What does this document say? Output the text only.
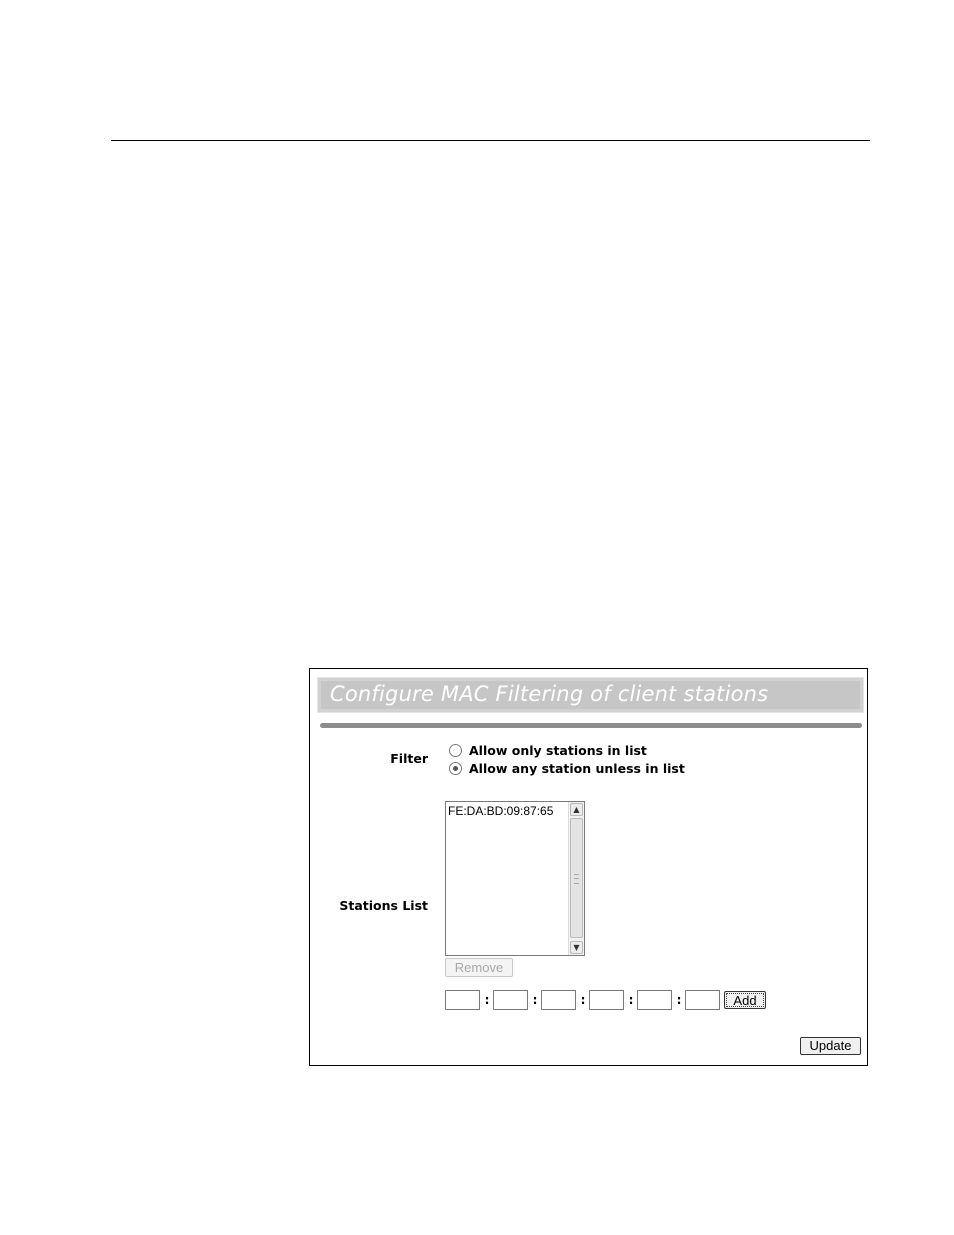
Configure MAC Filtering of client stations
Filter
Allow only stations in list
Allow any station unless in list
Stations List
FE:DA:BD:09:87:65	▲
▼
Remove
:	:	:	:	:	Add
Update
